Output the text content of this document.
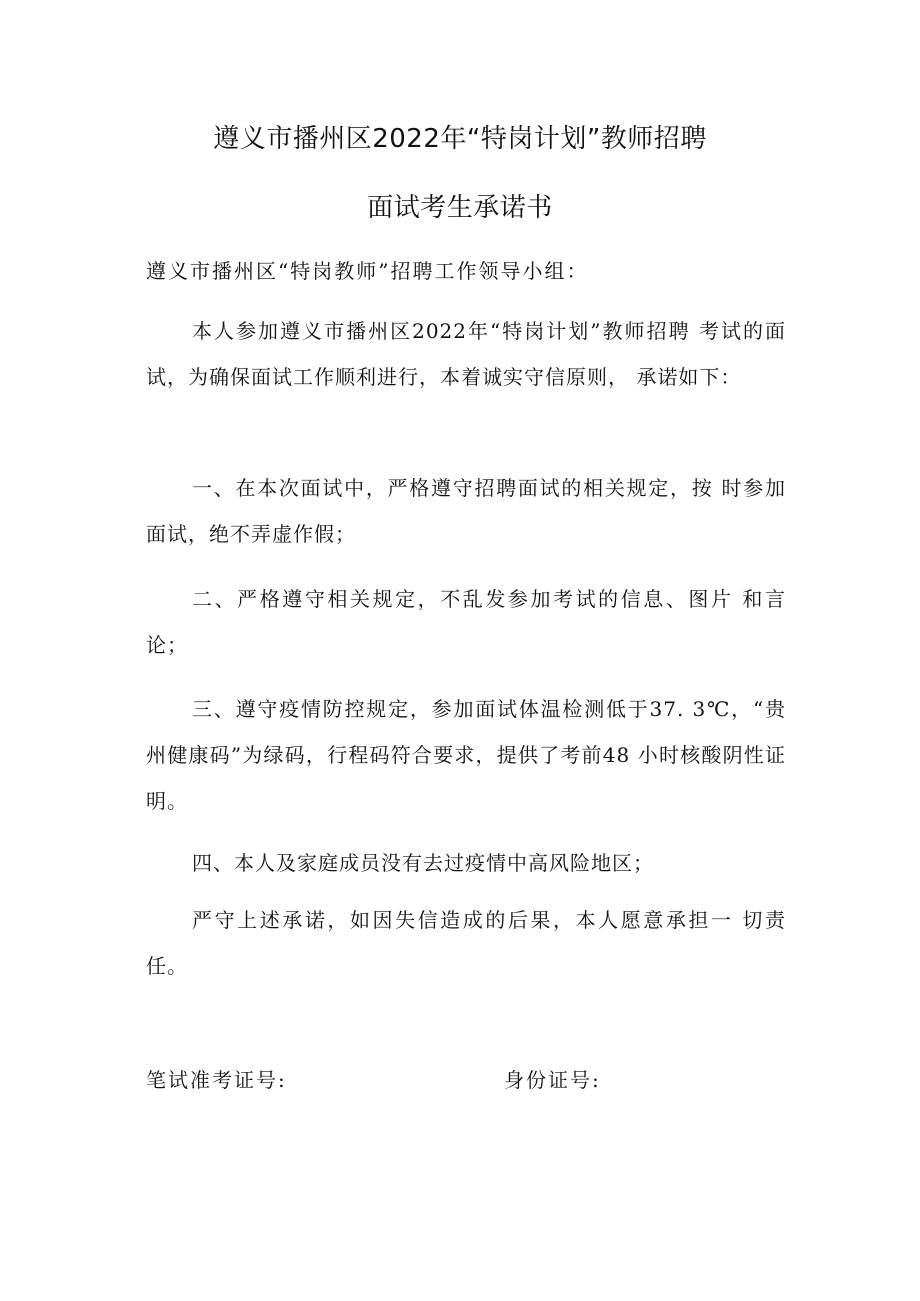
遵义市播州区2022年“特岗计划”教师招聘
面试考生承诺书
遵义市播州区“特岗教师”招聘工作领导小组：
本人参加遵义市播州区2022年“特岗计划”教师招聘 考试的面试，为确保面试工作顺利进行，本着诚实守信原则， 承诺如下：
一、在本次面试中，严格遵守招聘面试的相关规定，按 时参加面试，绝不弄虚作假；
二、严格遵守相关规定，不乱发参加考试的信息、图片 和言论；
三、遵守疫情防控规定，参加面试体温检测低于37. 3℃，“贵州健康码”为绿码，行程码符合要求，提供了考前48 小时核酸阴性证明。
四、本人及家庭成员没有去过疫情中高风险地区；
严守上述承诺，如因失信造成的后果，本人愿意承担一 切责任。
笔试准考证号:	身份证号:
